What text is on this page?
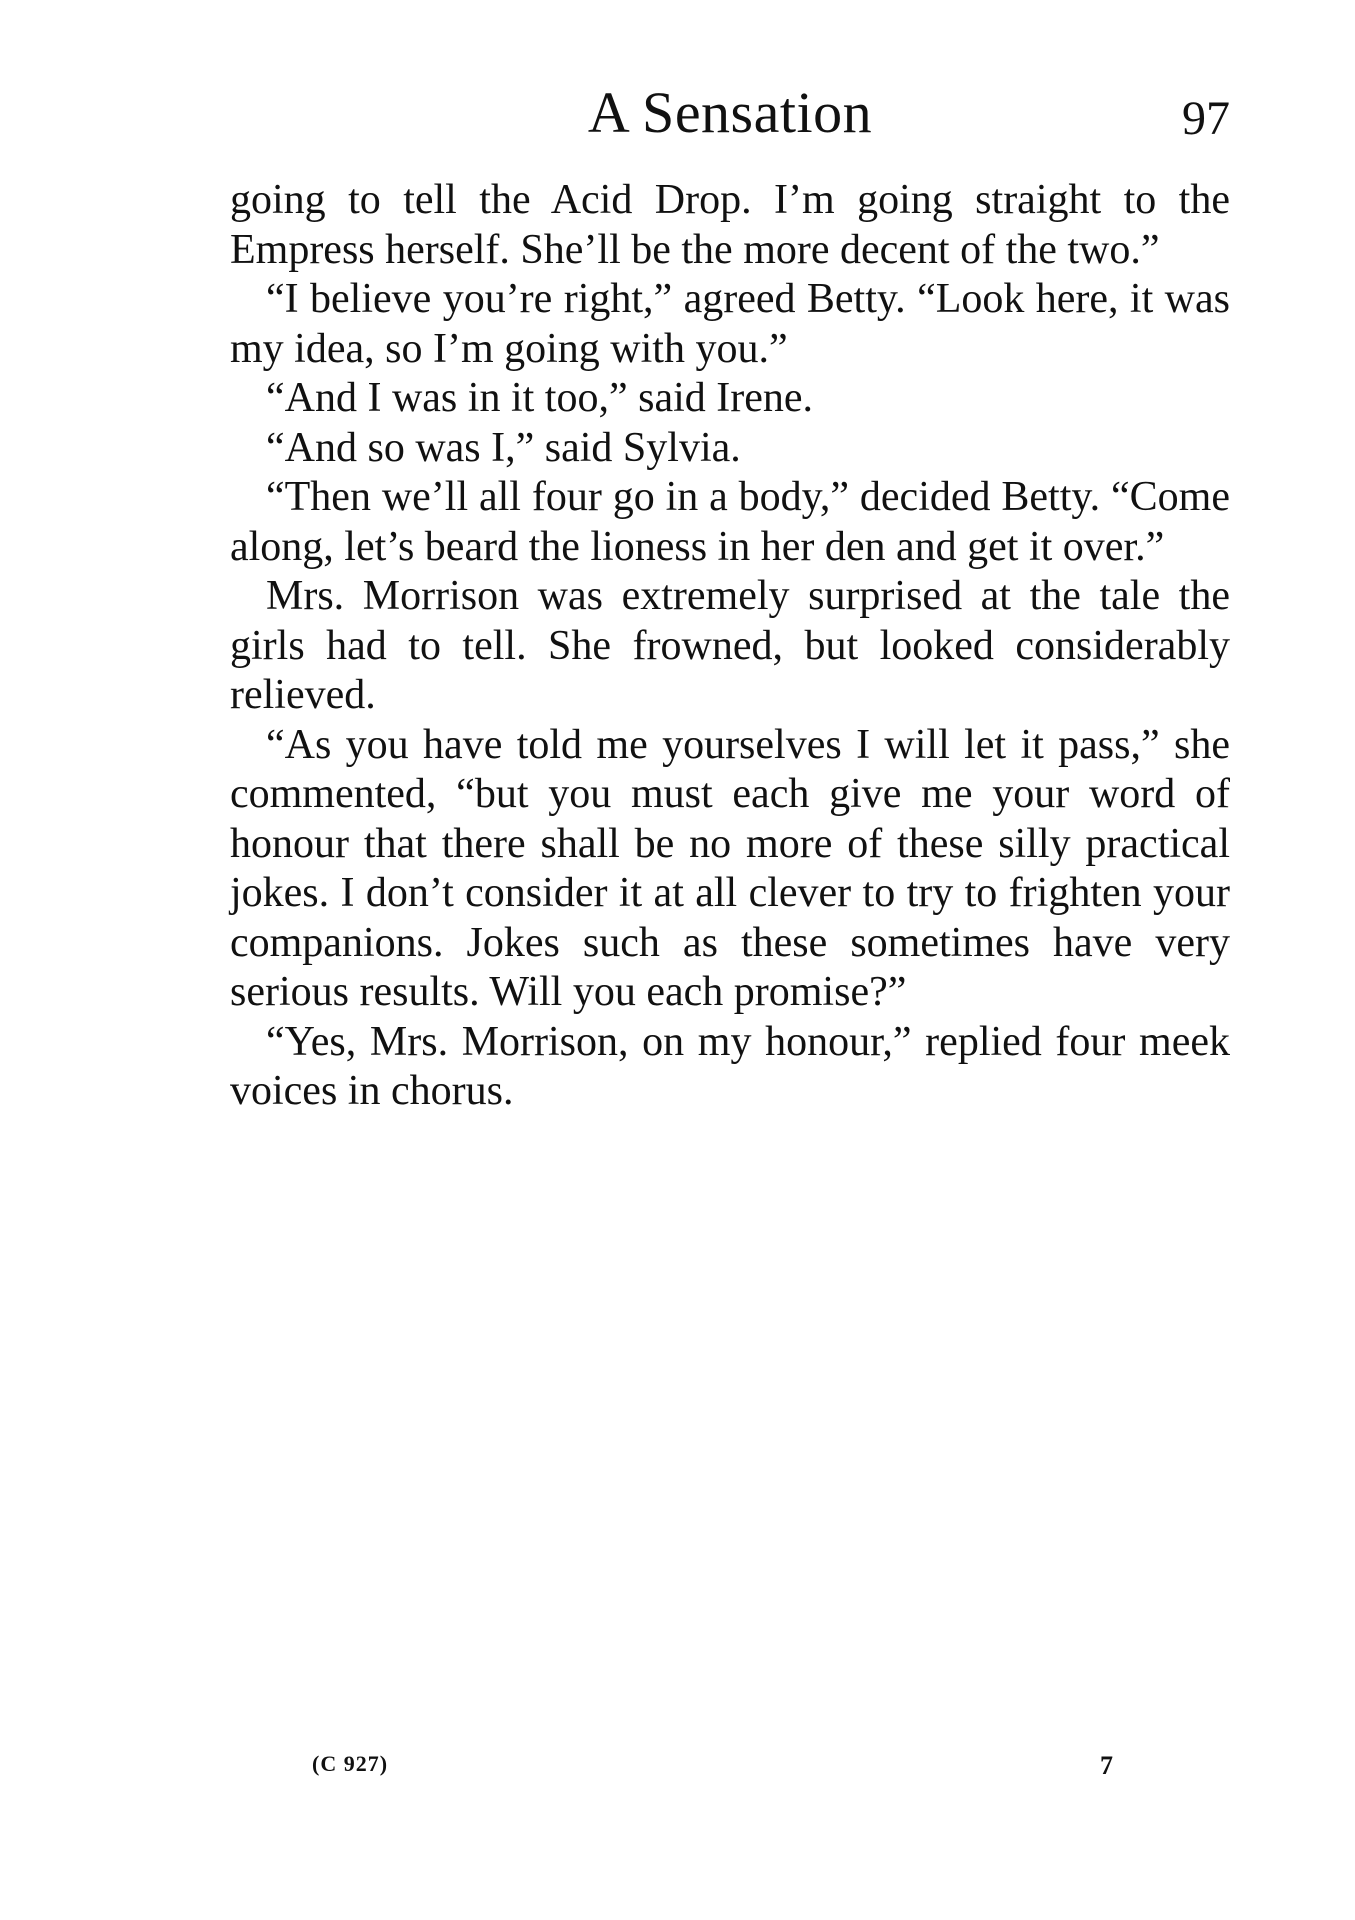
A Sensation	97

going to tell the Acid Drop. I’m going straight to the Empress herself. She’ll be the more decent of the two.”

“I believe you’re right,” agreed Betty. “Look here, it was my idea, so I’m going with you.”

“And I was in it too,” said Irene.

“And so was I,” said Sylvia.

“Then we’ll all four go in a body,” decided Betty. “Come along, let’s beard the lioness in her den and get it over.”

Mrs. Morrison was extremely surprised at the tale the girls had to tell. She frowned, but looked considerably relieved.

“As you have told me yourselves I will let it pass,” she commented, “but you must each give me your word of honour that there shall be no more of these silly practical jokes. I don’t consider it at all clever to try to frighten your companions. Jokes such as these sometimes have very serious results. Will you each promise?”

“Yes, Mrs. Morrison, on my honour,” replied four meek voices in chorus.

(C 927)	7
